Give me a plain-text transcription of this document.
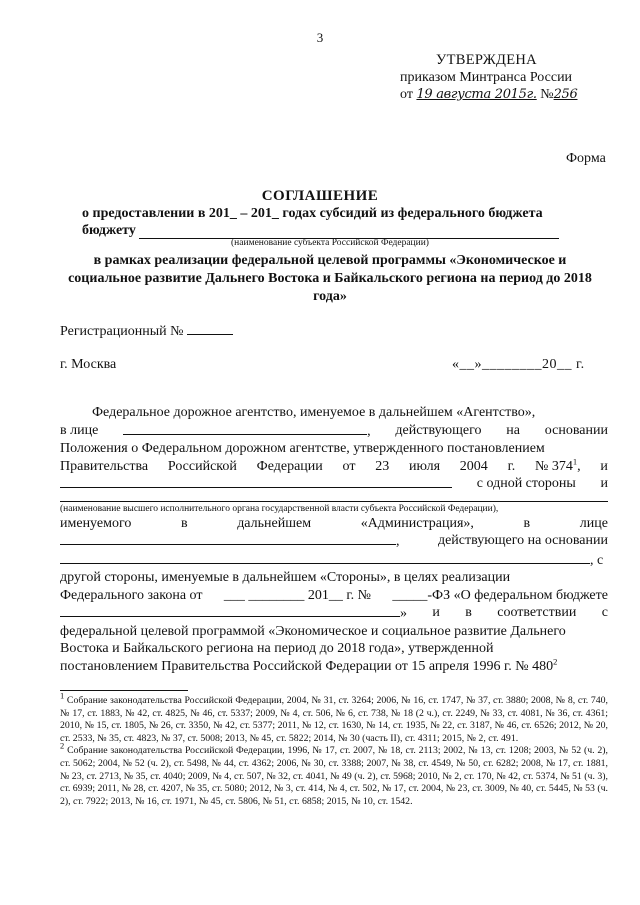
3
УТВЕРЖДЕНА
приказом Минтранса России
от 19 августа 2015г. №256
Форма
СОГЛАШЕНИЕ
о предоставлении в 201_ – 201_ годах субсидий из федерального бюджета
бюджету
(наименование субъекта Российской Федерации)
в рамках реализации федеральной целевой программы «Экономическое и социальное развитие Дальнего Востока и Байкальского региона на период до 2018 года»
Регистрационный №
г. Москва	«__»________20__ г.
Федеральное дорожное агентство, именуемое в дальнейшем «Агентство»,
в лице	, действующего на основании
Положения о Федеральном дорожном агентстве, утвержденного постановлением
Правительства Российской Федерации от 23 июля 2004 г. № $374^1$, и
с одной стороны и
(наименование высшего исполнительного органа государственной власти субъекта Российской Федерации),
именуемого	в	дальнейшем	«Администрация»,	в	лице
,	действующего на основании
, с
другой стороны, именуемые в дальнейшем «Стороны», в целях реализации
Федерального закона от ___ ________ 201__ г. № _____-ФЗ «О федеральном бюджете
» и в соответствии с
федеральной целевой программой «Экономическое и социальное развитие Дальнего
Востока и Байкальского региона на период до 2018 года», утвержденной
постановлением Правительства Российской Федерации от 15 апреля 1996 г. № $480^2$

$^1$ Собрание законодательства Российской Федерации, 2004, № 31, ст. 3264; 2006, № 16, ст. 1747, № 37, ст. 3880; 2008, № 8, ст. 740, № 17, ст. 1883, № 42, ст. 4825, № 46, ст. 5337; 2009, № 4, ст. 506, № 6, ст. 738, № 18 (2 ч.), ст. 2249, № 33, ст. 4081, № 36, ст. 4361; 2010, № 15, ст. 1805, № 26, ст. 3350, № 42, ст. 5377; 2011, № 12, ст. 1630, № 14, ст. 1935, № 22, ст. 3187, № 46, ст. 6526; 2012, № 20, ст. 2533, № 35, ст. 4823, № 37, ст. 5008; 2013, № 45, ст. 5822; 2014, № 30 (часть II), ст. 4311; 2015, № 2, ст. 491.

$^2$ Собрание законодательства Российской Федерации, 1996, № 17, ст. 2007, № 18, ст. 2113; 2002, № 13, ст. 1208; 2003, № 52 (ч. 2), ст. 5062; 2004, № 52 (ч. 2), ст. 5498, № 44, ст. 4362; 2006, № 30, ст. 3388; 2007, № 38, ст. 4549, № 50, ст. 6282; 2008, № 17, ст. 1881, № 23, ст. 2713, № 35, ст. 4040; 2009, № 4, ст. 507, № 32, ст. 4041, № 49 (ч. 2), ст. 5968; 2010, № 2, ст. 170, № 42, ст. 5374, № 51 (ч. 3), ст. 6939; 2011, № 28, ст. 4207, № 35, ст. 5080; 2012, № 3, ст. 414, № 4, ст. 502, № 17, ст. 2004, № 23, ст. 3009, № 40, ст. 5445, № 53 (ч. 2), ст. 7922; 2013, № 16, ст. 1971, № 45, ст. 5806, № 51, ст. 6858; 2015, № 10, ст. 1542.
